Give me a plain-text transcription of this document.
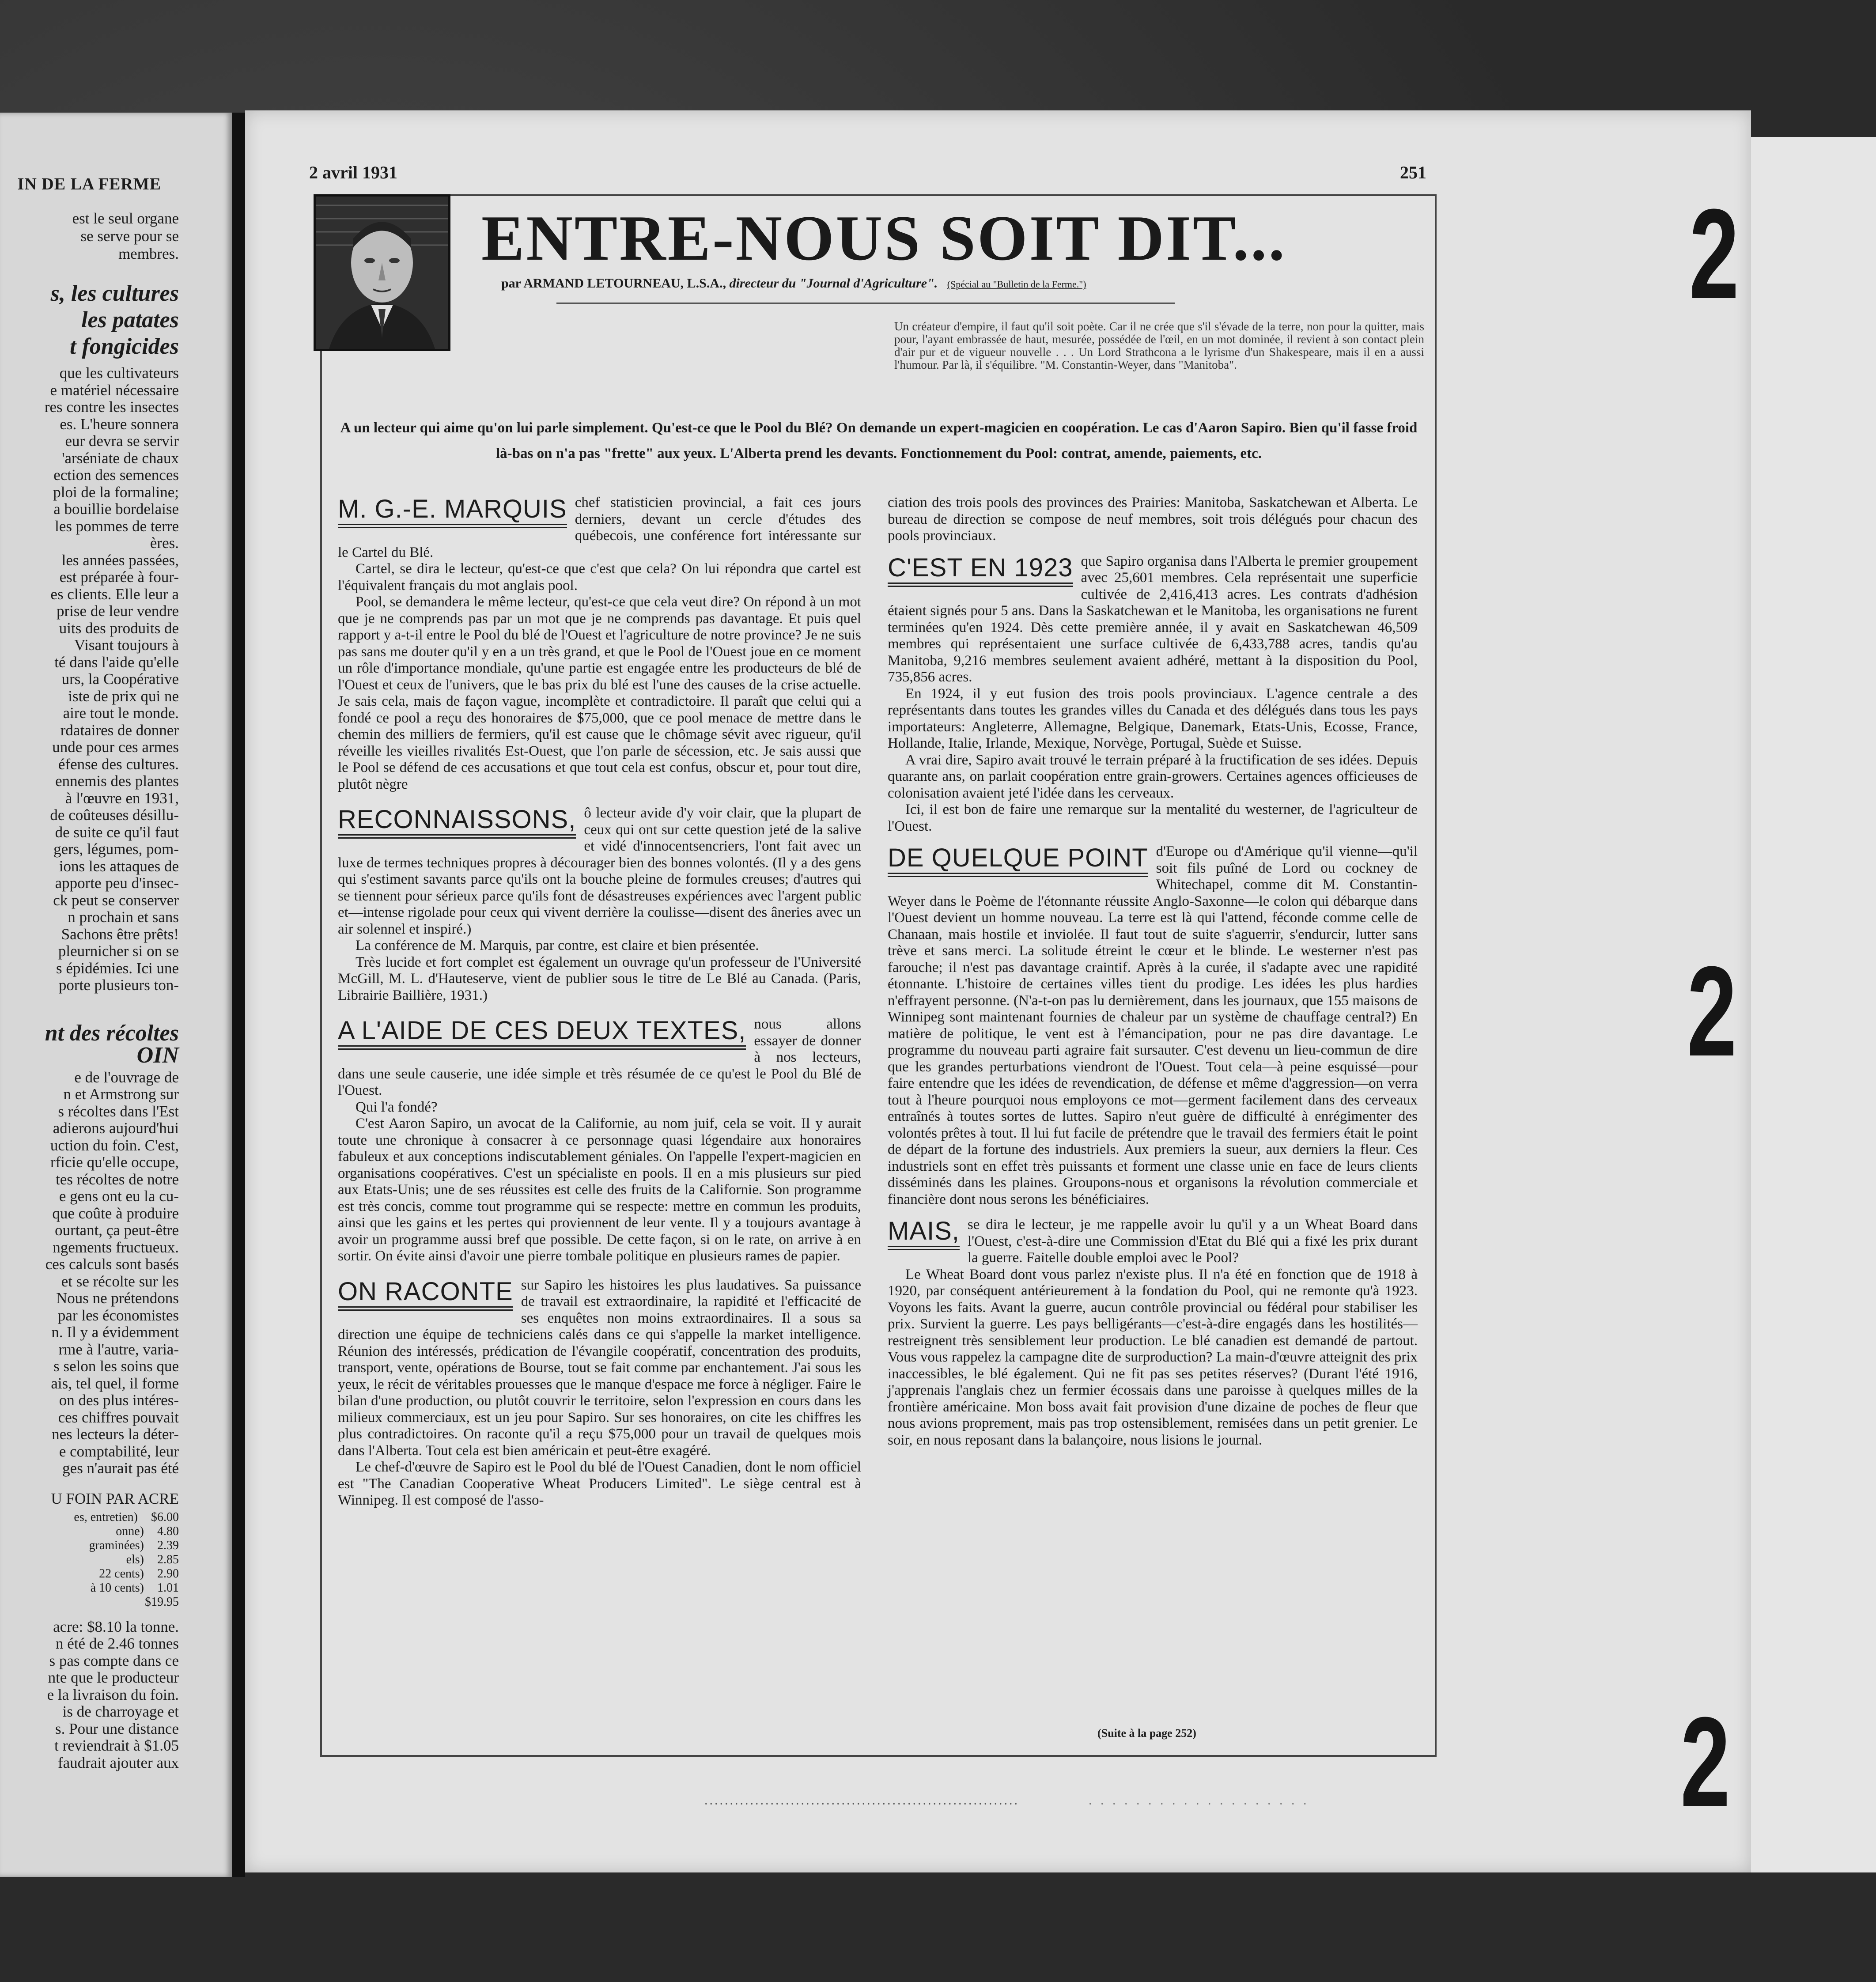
IN DE LA FERME
est le seul organe
se serve pour se
membres.
s, les cultures
les patates
t fongicides
que les cultivateurs
e matériel nécessaire
res contre les insectes
es. L'heure sonnera
eur devra se servir
'arséniate de chaux
ection des semences
ploi de la formaline;
a bouillie bordelaise
les pommes de terre
ères.
les années passées,
est préparée à four-
es clients. Elle leur a
prise de leur vendre
uits des produits de
Visant toujours à
té dans l'aide qu'elle
urs, la Coopérative
iste de prix qui ne
aire tout le monde.
rdataires de donner
unde pour ces armes
éfense des cultures.
ennemis des plantes
à l'œuvre en 1931,
de coûteuses désillu-
de suite ce qu'il faut
gers, légumes, pom-
ions les attaques de
apporte peu d'insec-
ck peut se conserver
n prochain et sans
Sachons être prêts!
pleurnicher si on se
s épidémies. Ici une
porte plusieurs ton-
nt des récoltes
OIN
e de l'ouvrage de
n et Armstrong sur
s récoltes dans l'Est
adierons aujourd'hui
uction du foin. C'est,
rficie qu'elle occupe,
tes récoltes de notre
e gens ont eu la cu-
que coûte à produire
ourtant, ça peut-être
ngements fructueux.
ces calculs sont basés
et se récolte sur les
Nous ne prétendons
par les économistes
n. Il y a évidemment
rme à l'autre, varia-
s selon les soins que
ais, tel quel, il forme
on des plus intéres-
ces chiffres pouvait
nes lecteurs la déter-
e comptabilité, leur
ges n'aurait pas été
U FOIN PAR ACRE
es, entretien) $6.00
onne) 4.80
graminées) 2.39
els) 2.85
22 cents) 2.90
à 10 cents) 1.01
$19.95
acre: $8.10 la tonne.
n été de 2.46 tonnes
s pas compte dans ce
nte que le producteur
e la livraison du foin.
is de charroyage et
s. Pour une distance
t reviendrait à $1.05
faudrait ajouter aux
2
2
2
2 avril 1931	251
ENTRE-NOUS SOIT DIT...
par ARMAND LETOURNEAU, L.S.A., directeur du "Journal d'Agriculture". (Spécial au "Bulletin de la Ferme.")
Un créateur d'empire, il faut qu'il soit poète. Car il ne crée que s'il s'évade de la terre, non pour la quitter, mais pour, l'ayant embrassée de haut, mesurée, possédée de l'œil, en un mot dominée, il revient à son contact plein d'air pur et de vigueur nouvelle . . . Un Lord Strathcona a le lyrisme d'un Shakespeare, mais il en a aussi l'humour. Par là, il s'équilibre. "M. Constantin-Weyer, dans "Manitoba".
A un lecteur qui aime qu'on lui parle simplement. Qu'est-ce que le Pool du Blé? On demande un expert-magicien en coopération. Le cas d'Aaron Sapiro. Bien qu'il fasse froid là-bas on n'a pas "frette" aux yeux. L'Alberta prend les devants. Fonctionnement du Pool: contrat, amende, paiements, etc.

M. G.-E. MARQUIS chef statisticien provincial, a fait ces jours derniers, devant un cercle d'études des québecois, une conférence fort intéressante sur le Cartel du Blé.

Cartel, se dira le lecteur, qu'est-ce que c'est que cela? On lui répondra que cartel est l'équivalent français du mot anglais pool.

Pool, se demandera le même lecteur, qu'est-ce que cela veut dire? On répond à un mot que je ne comprends pas par un mot que je ne comprends pas davantage. Et puis quel rapport y a-t-il entre le Pool du blé de l'Ouest et l'agriculture de notre province? Je ne suis pas sans me douter qu'il y en a un très grand, et que le Pool de l'Ouest joue en ce moment un rôle d'importance mondiale, qu'une partie est engagée entre les producteurs de blé de l'Ouest et ceux de l'univers, que le bas prix du blé est l'une des causes de la crise actuelle. Je sais cela, mais de façon vague, incomplète et contradictoire. Il paraît que celui qui a fondé ce pool a reçu des honoraires de $75,000, que ce pool menace de mettre dans le chemin des milliers de fermiers, qu'il est cause que le chômage sévit avec rigueur, qu'il réveille les vieilles rivalités Est-Ouest, que l'on parle de sécession, etc. Je sais aussi que le Pool se défend de ces accusations et que tout cela est confus, obscur et, pour tout dire, plutôt nègre

RECONNAISSONS, ô lecteur avide d'y voir clair, que la plupart de ceux qui ont sur cette question jeté de la salive et vidé d'innocentsencriers, l'ont fait avec un luxe de termes techniques propres à décourager bien des bonnes volontés. (Il y a des gens qui s'estiment savants parce qu'ils ont la bouche pleine de formules creuses; d'autres qui se tiennent pour sérieux parce qu'ils font de désastreuses expériences avec l'argent public et—intense rigolade pour ceux qui vivent derrière la coulisse—disent des âneries avec un air solennel et inspiré.)

La conférence de M. Marquis, par contre, est claire et bien présentée.

Très lucide et fort complet est également un ouvrage qu'un professeur de l'Université McGill, M. L. d'Hauteserve, vient de publier sous le titre de Le Blé au Canada. (Paris, Librairie Baillière, 1931.)

A L'AIDE DE CES DEUX TEXTES, nous allons essayer de donner à nos lecteurs, dans une seule causerie, une idée simple et très résumée de ce qu'est le Pool du Blé de l'Ouest.

Qui l'a fondé?

C'est Aaron Sapiro, un avocat de la Californie, au nom juif, cela se voit. Il y aurait toute une chronique à consacrer à ce personnage quasi légendaire aux honoraires fabuleux et aux conceptions indiscutablement géniales. On l'appelle l'expert-magicien en organisations coopératives. C'est un spécialiste en pools. Il en a mis plusieurs sur pied aux Etats-Unis; une de ses réussites est celle des fruits de la Californie. Son programme est très concis, comme tout programme qui se respecte: mettre en commun les produits, ainsi que les gains et les pertes qui proviennent de leur vente. Il y a toujours avantage à avoir un programme aussi bref que possible. De cette façon, si on le rate, on arrive à en sortir. On évite ainsi d'avoir une pierre tombale politique en plusieurs rames de papier.

ON RACONTE sur Sapiro les histoires les plus laudatives. Sa puissance de travail est extraordinaire, la rapidité et l'efficacité de ses enquêtes non moins extraordinaires. Il a sous sa direction une équipe de techniciens calés dans ce qui s'appelle la market intelligence. Réunion des intéressés, prédication de l'évangile coopératif, concentration des produits, transport, vente, opérations de Bourse, tout se fait comme par enchantement. J'ai sous les yeux, le récit de véritables prouesses que le manque d'espace me force à négliger. Faire le bilan d'une production, ou plutôt couvrir le territoire, selon l'expression en cours dans les milieux commerciaux, est un jeu pour Sapiro. Sur ses honoraires, on cite les chiffres les plus contradictoires. On raconte qu'il a reçu $75,000 pour un travail de quelques mois dans l'Alberta. Tout cela est bien américain et peut-être exagéré.

Le chef-d'œuvre de Sapiro est le Pool du blé de l'Ouest Canadien, dont le nom officiel est "The Canadian Cooperative Wheat Producers Limited". Le siège central est à Winnipeg. Il est composé de l'asso-

ciation des trois pools des provinces des Prairies: Manitoba, Saskatchewan et Alberta. Le bureau de direction se compose de neuf membres, soit trois délégués pour chacun des pools provinciaux.

C'EST EN 1923 que Sapiro organisa dans l'Alberta le premier groupement avec 25,601 membres. Cela représentait une superficie cultivée de 2,416,413 acres. Les contrats d'adhésion étaient signés pour 5 ans. Dans la Saskatchewan et le Manitoba, les organisations ne furent terminées qu'en 1924. Dès cette première année, il y avait en Saskatchewan 46,509 membres qui représentaient une surface cultivée de 6,433,788 acres, tandis qu'au Manitoba, 9,216 membres seulement avaient adhéré, mettant à la disposition du Pool, 735,856 acres.

En 1924, il y eut fusion des trois pools provinciaux. L'agence centrale a des représentants dans toutes les grandes villes du Canada et des délégués dans tous les pays importateurs: Angleterre, Allemagne, Belgique, Danemark, Etats-Unis, Ecosse, France, Hollande, Italie, Irlande, Mexique, Norvège, Portugal, Suède et Suisse.

A vrai dire, Sapiro avait trouvé le terrain préparé à la fructification de ses idées. Depuis quarante ans, on parlait coopération entre grain-growers. Certaines agences officieuses de colonisation avaient jeté l'idée dans les cerveaux.

Ici, il est bon de faire une remarque sur la mentalité du westerner, de l'agriculteur de l'Ouest.

DE QUELQUE POINT d'Europe ou d'Amérique qu'il vienne—qu'il soit fils puîné de Lord ou cockney de Whitechapel, comme dit M. Constantin-Weyer dans le Poème de l'étonnante réussite Anglo-Saxonne—le colon qui débarque dans l'Ouest devient un homme nouveau. La terre est là qui l'attend, féconde comme celle de Chanaan, mais hostile et inviolée. Il faut tout de suite s'aguerrir, s'endurcir, lutter sans trève et sans merci. La solitude étreint le cœur et le blinde. Le westerner n'est pas farouche; il n'est pas davantage craintif. Après à la curée, il s'adapte avec une rapidité étonnante. L'histoire de certaines villes tient du prodige. Les idées les plus hardies n'effrayent personne. (N'a-t-on pas lu dernièrement, dans les journaux, que 155 maisons de Winnipeg sont maintenant fournies de chaleur par un système de chauffage central?) En matière de politique, le vent est à l'émancipation, pour ne pas dire davantage. Le programme du nouveau parti agraire fait sursauter. C'est devenu un lieu-commun de dire que les grandes perturbations viendront de l'Ouest. Tout cela—à peine esquissé—pour faire entendre que les idées de revendication, de défense et même d'aggression—on verra tout à l'heure pourquoi nous employons ce mot—germent facilement dans des cerveaux entraînés à toutes sortes de luttes. Sapiro n'eut guère de difficulté à enrégimenter des volontés prêtes à tout. Il lui fut facile de prétendre que le travail des fermiers était le point de départ de la fortune des industriels. Aux premiers la sueur, aux derniers la fleur. Ces industriels sont en effet très puissants et forment une classe unie en face de leurs clients disséminés dans les plaines. Groupons-nous et organisons la révolution commerciale et financière dont nous serons les bénéficiaires.

MAIS, se dira le lecteur, je me rappelle avoir lu qu'il y a un Wheat Board dans l'Ouest, c'est-à-dire une Commission d'Etat du Blé qui a fixé les prix durant la guerre. Faitelle double emploi avec le Pool?

Le Wheat Board dont vous parlez n'existe plus. Il n'a été en fonction que de 1918 à 1920, par conséquent antérieurement à la fondation du Pool, qui ne remonte qu'à 1923. Voyons les faits. Avant la guerre, aucun contrôle provincial ou fédéral pour stabiliser les prix. Survient la guerre. Les pays belligérants—c'est-à-dire engagés dans les hostilités—restreignent très sensiblement leur production. Le blé canadien est demandé de partout. Vous vous rappelez la campagne dite de surproduction? La main-d'œuvre atteignit des prix inaccessibles, le blé également. Qui ne fit pas ses petites réserves? (Durant l'été 1916, j'apprenais l'anglais chez un fermier écossais dans une paroisse à quelques milles de la frontière américaine. Mon boss avait fait provision d'une dizaine de poches de fleur que nous avions proprement, mais pas trop ostensiblement, remisées dans un petit grenier. Le soir, en nous reposant dans la balançoire, nous lisions le journal.

(Suite à la page 252)
..............................................................	. . . . . . . . . . . . . . . . . . .
